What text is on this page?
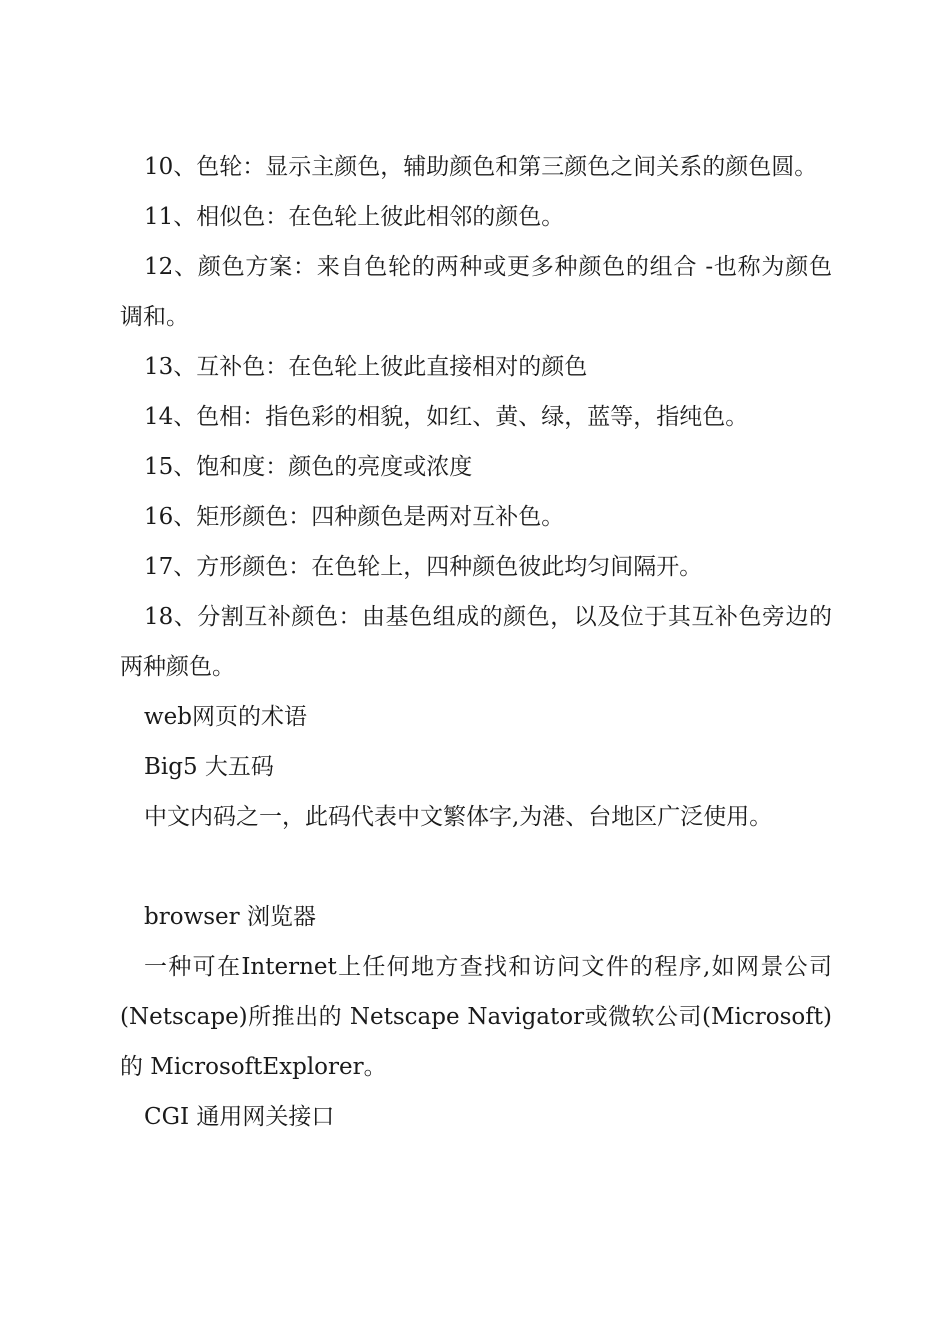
10、色轮：显示主颜色，辅助颜色和第三颜色之间关系的颜色圆。

11、相似色：在色轮上彼此相邻的颜色。

12、颜色方案：来自色轮的两种或更多种颜色的组合 -也称为颜色调和。

13、互补色：在色轮上彼此直接相对的颜色

14、色相：指色彩的相貌，如红、黄、绿，蓝等，指纯色。

15、饱和度：颜色的亮度或浓度

16、矩形颜色：四种颜色是两对互补色。

17、方形颜色：在色轮上，四种颜色彼此均匀间隔开。

18、分割互补颜色：由基色组成的颜色，以及位于其互补色旁边的两种颜色。

web网页的术语

Big5 大五码

中文内码之一，此码代表中文繁体字,为港、台地区广泛使用。

browser 浏览器

一种可在Internet上任何地方查找和访问文件的程序,如网景公司(Netscape)所推出的 Netscape Navigator或微软公司(Microsoft)的 MicrosoftExplorer。

CGI 通用网关接口
